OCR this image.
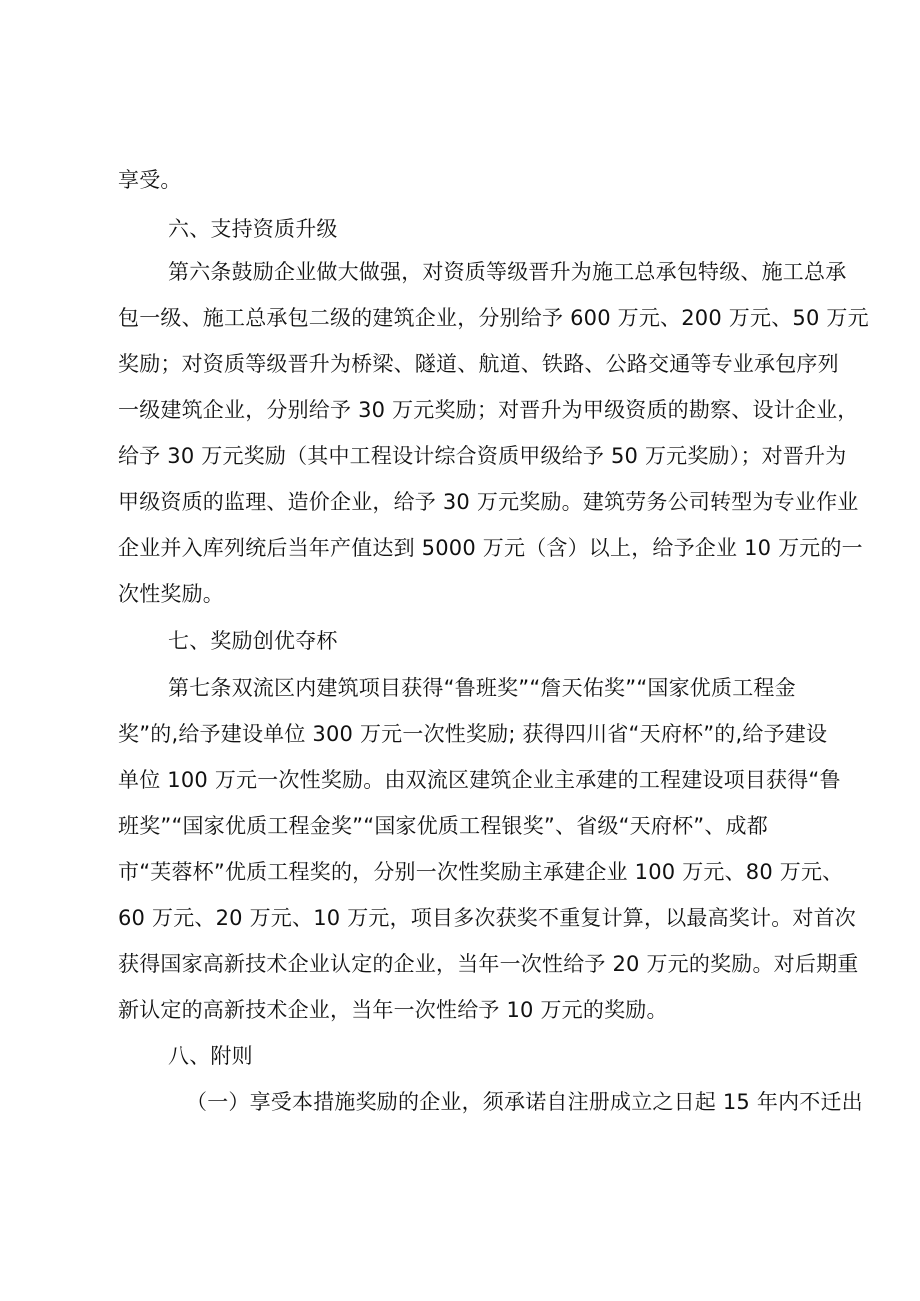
享受。
六、支持资质升级
第六条鼓励企业做大做强，对资质等级晋升为施工总承包特级、施工总承
包一级、施工总承包二级的建筑企业，分别给予 600 万元、200 万元、50 万元
奖励；对资质等级晋升为桥梁、隧道、航道、铁路、公路交通等专业承包序列
一级建筑企业，分别给予 30 万元奖励；对晋升为甲级资质的勘察、设计企业，
给予 30 万元奖励（其中工程设计综合资质甲级给予 50 万元奖励）；对晋升为
甲级资质的监理、造价企业，给予 30 万元奖励。建筑劳务公司转型为专业作业
企业并入库列统后当年产值达到 5000 万元（含）以上，给予企业 10 万元的一
次性奖励。
七、奖励创优夺杯
第七条双流区内建筑项目获得“鲁班奖”“詹天佑奖”“国家优质工程金
奖”的,给予建设单位 300 万元一次性奖励; 获得四川省“天府杯”的,给予建设
单位 100 万元一次性奖励。由双流区建筑企业主承建的工程建设项目获得“鲁
班奖”“国家优质工程金奖”“国家优质工程银奖”、省级“天府杯”、成都
市“芙蓉杯”优质工程奖的，分别一次性奖励主承建企业 100 万元、80 万元、
60 万元、20 万元、10 万元，项目多次获奖不重复计算，以最高奖计。对首次
获得国家高新技术企业认定的企业，当年一次性给予 20 万元的奖励。对后期重
新认定的高新技术企业，当年一次性给予 10 万元的奖励。
八、附则
（一）享受本措施奖励的企业，须承诺自注册成立之日起 15 年内不迁出
